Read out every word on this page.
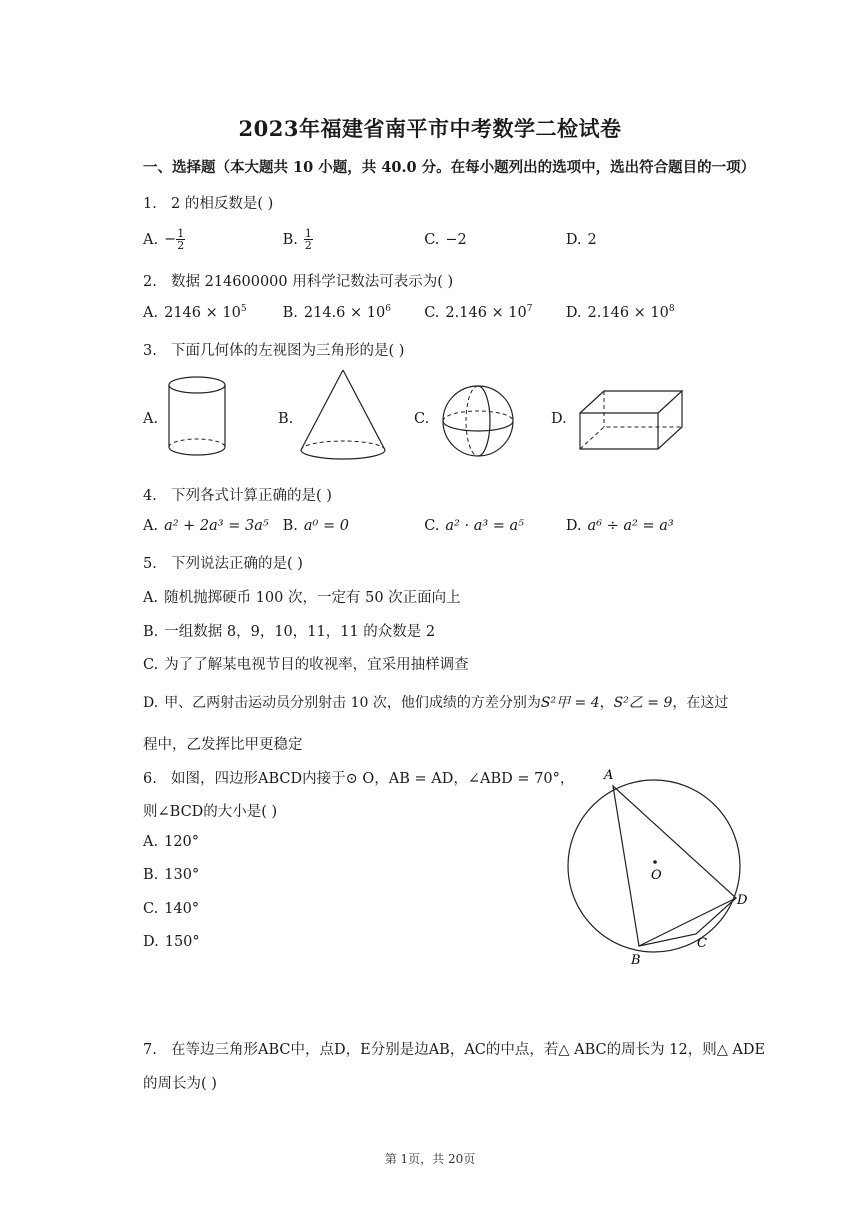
2023年福建省南平市中考数学二检试卷
一、选择题（本大题共 10 小题，共 40.0 分。在每小题列出的选项中，选出符合题目的一项）
1. 2 的相反数是( )
A. − $\frac{1}{2}$	B. $\frac{1}{2}$	C. −2	D. 2
2. 数据 214600000 用科学记数法可表示为( )
A. $2146 \times 10^5$ B. $214.6 \times 10^6$ C. $2.146 \times 10^7$ D. $2.146 \times 10^8$
3. 下面几何体的左视图为三角形的是( )
A.	B.	C.	D.
4. 下列各式计算正确的是( )
A. a² + 2a³ = 3a⁵ B. a⁰ = 0	C. a² · a³ = a⁵	D. a⁶ ÷ a² = a³
5. 下列说法正确的是( )
A. 随机抛掷硬币 100 次，一定有 50 次正面向上
B. 一组数据 8，9，10，11，11 的众数是 2
C. 为了了解某电视节目的收视率，宜采用抽样调查
D. 甲、乙两射击运动员分别射击 10 次，他们成绩的方差分别为S²甲 = 4，S²乙 = 9，在这过
程中，乙发挥比甲更稳定
6. 如图，四边形ABCD内接于⊙ O，AB = AD，∠ABD = 70°，
则∠BCD的大小是( )
A. 120°
B. 130°
C. 140°
D. 150°
A
B
C
D
O
7. 在等边三角形ABC中，点D，E分别是边AB，AC的中点，若△ ABC的周长为 12，则△ ADE
的周长为( )
第 1页，共 20页
